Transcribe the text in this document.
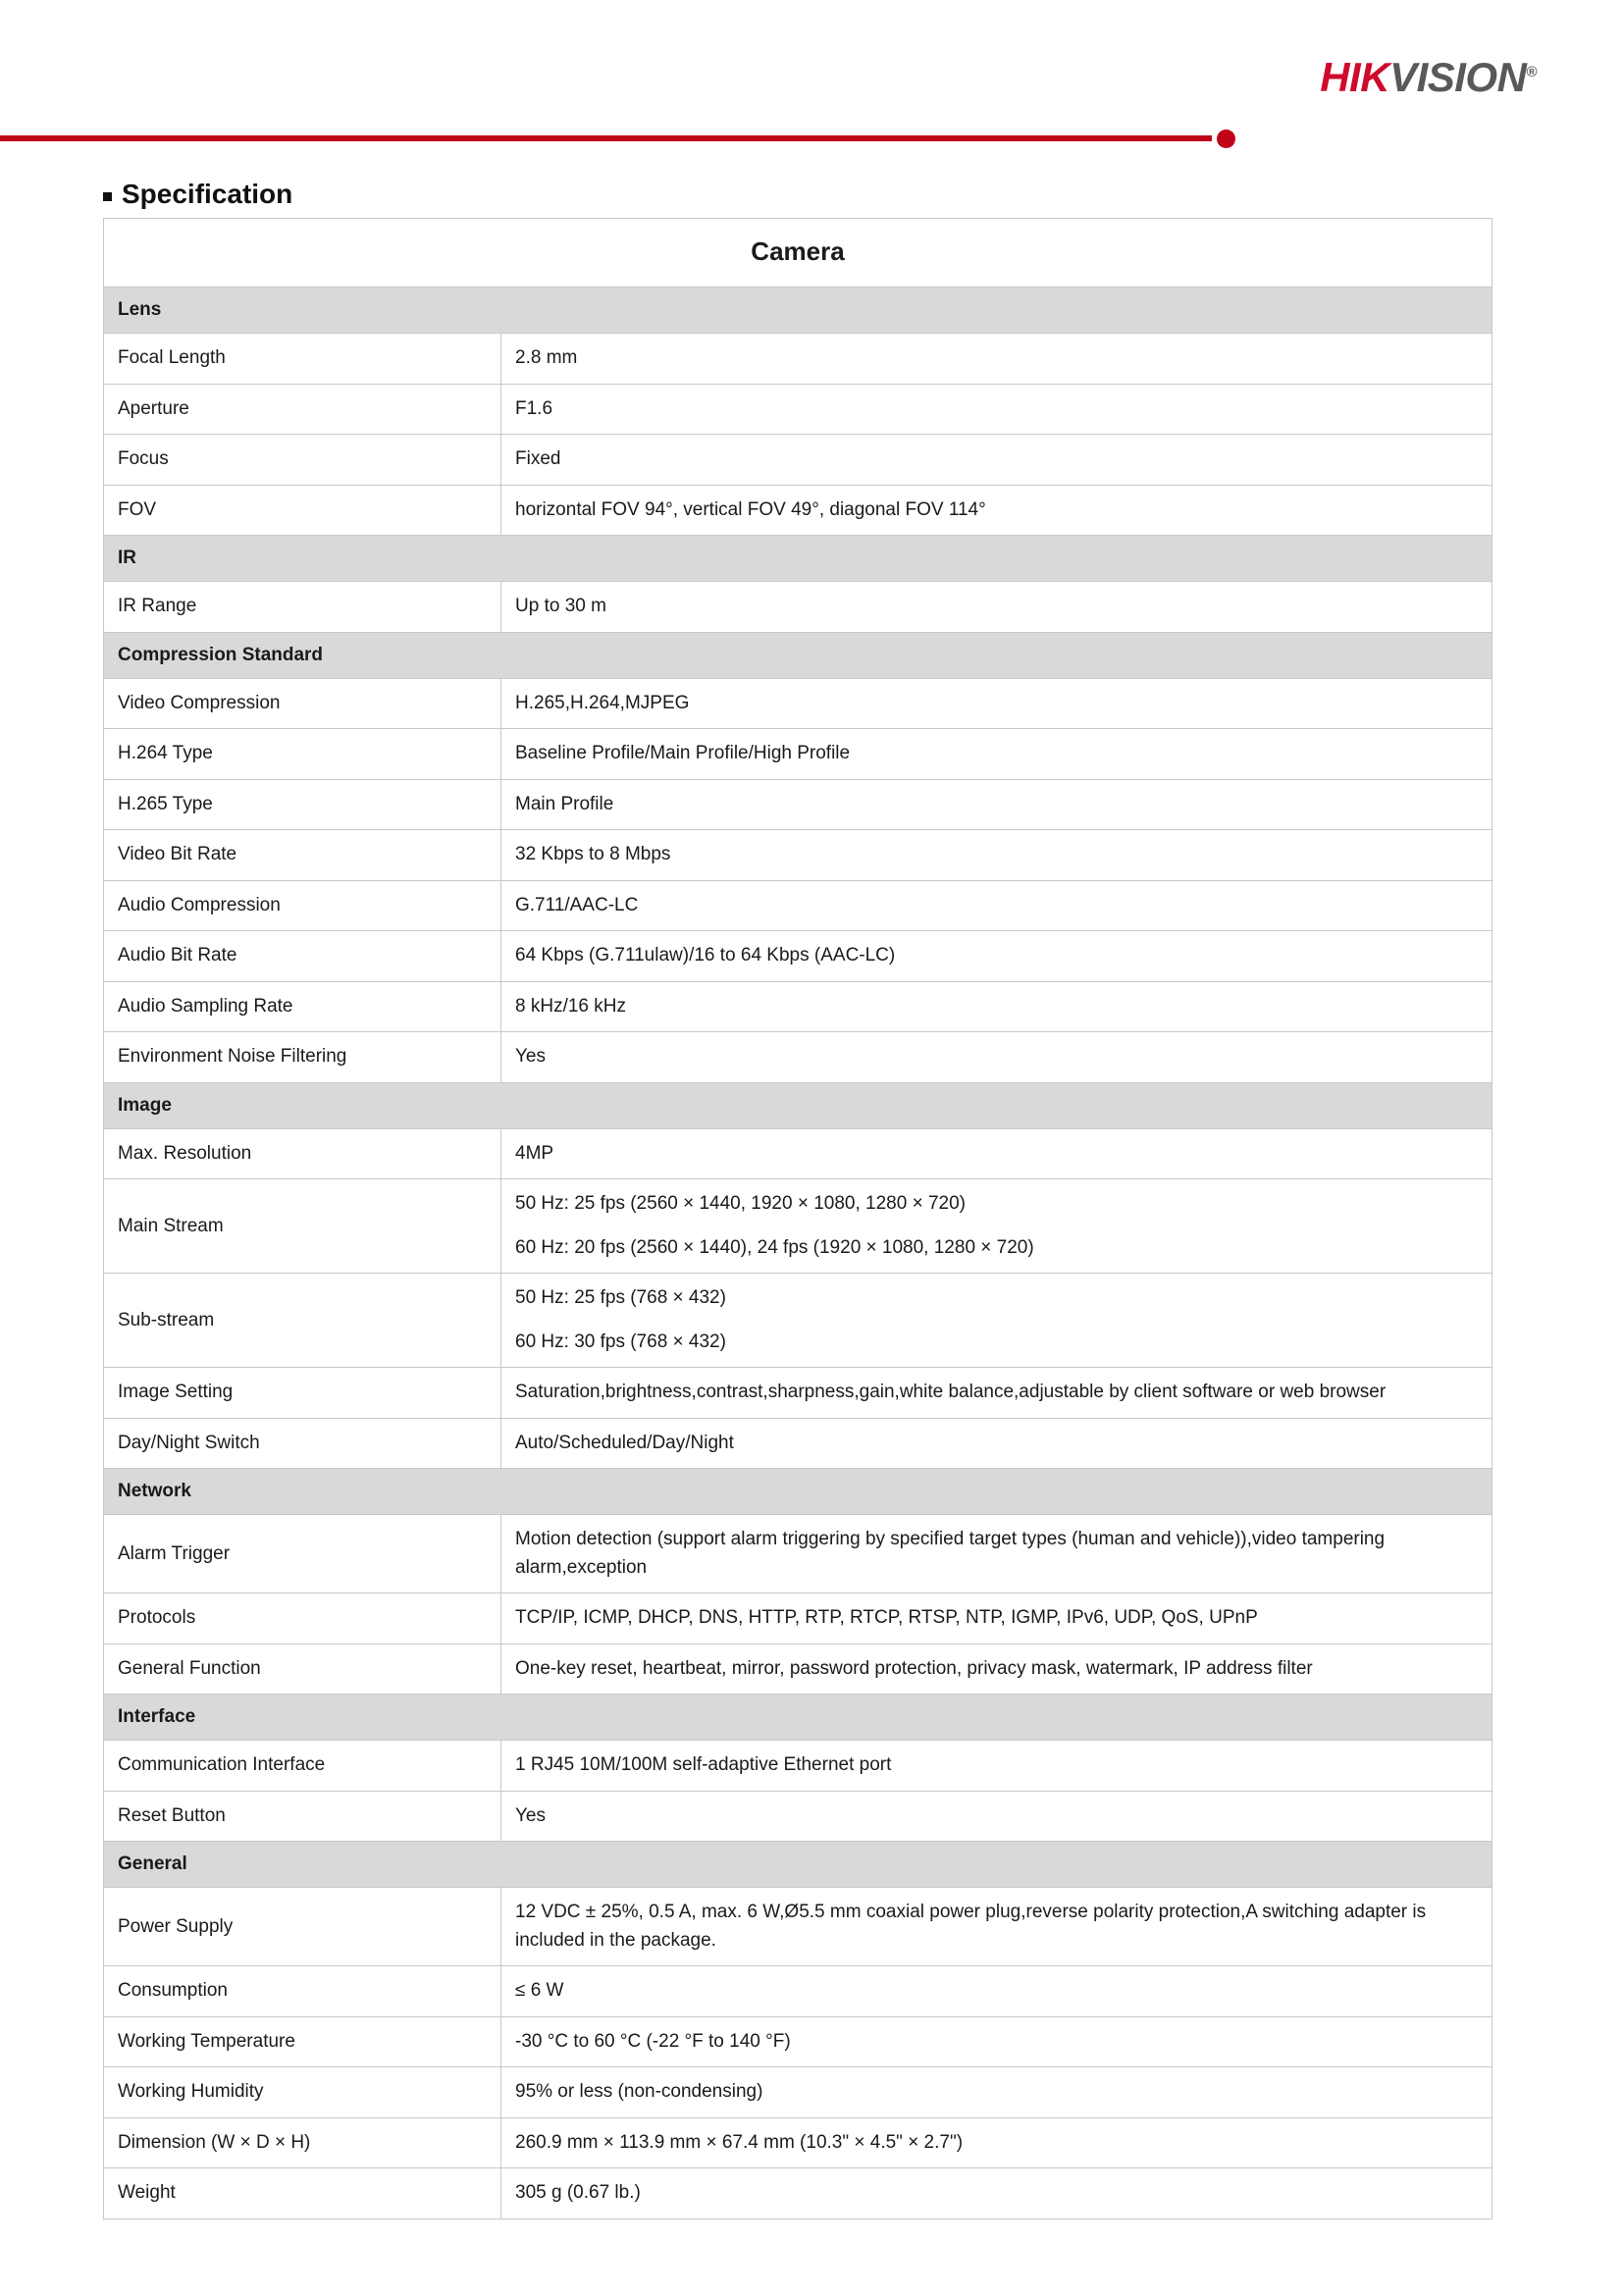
HIKVISION®
Specification
Camera	
Lens	
Focal Length	2.8 mm

Aperture	F1.6

Focus	Fixed

FOV	horizontal FOV 94°, vertical FOV 49°, diagonal FOV 114°

IR	
IR Range	Up to 30 m

Compression Standard	
Video Compression	H.265,H.264,MJPEG

H.264 Type	Baseline Profile/Main Profile/High Profile

H.265 Type	Main Profile

Video Bit Rate	32 Kbps to 8 Mbps

Audio Compression	G.711/AAC-LC

Audio Bit Rate	64 Kbps (G.711ulaw)/16 to 64 Kbps (AAC-LC)

Audio Sampling Rate	8 kHz/16 kHz

Environment Noise Filtering	Yes

Image	
Max. Resolution	4MP

Main Stream	50 Hz: 25 fps (2560 × 1440, 1920 × 1080, 1280 × 720)

60 Hz: 20 fps (2560 × 1440), 24 fps (1920 × 1080, 1280 × 720)

Sub-stream	50 Hz: 25 fps (768 × 432)

60 Hz: 30 fps (768 × 432)

Image Setting	Saturation,brightness,contrast,sharpness,gain,white balance,adjustable by client software or web browser

Day/Night Switch	Auto/Scheduled/Day/Night

Network	
Alarm Trigger	Motion detection (support alarm triggering by specified target types (human and vehicle)),video tampering alarm,exception

Protocols	TCP/IP, ICMP, DHCP, DNS, HTTP, RTP, RTCP, RTSP, NTP, IGMP, IPv6, UDP, QoS, UPnP

General Function	One-key reset, heartbeat, mirror, password protection, privacy mask, watermark, IP address filter

Interface	
Communication Interface	1 RJ45 10M/100M self-adaptive Ethernet port

Reset Button	Yes

General	
Power Supply	12 VDC ± 25%, 0.5 A, max. 6 W,Ø5.5 mm coaxial power plug,reverse polarity protection,A switching adapter is included in the package.

Consumption	≤ 6 W

Working Temperature	-30 °C to 60 °C (-22 °F to 140 °F)

Working Humidity	95% or less (non-condensing)

Dimension (W × D × H)	260.9 mm × 113.9 mm × 67.4 mm (10.3" × 4.5" × 2.7")

Weight	305 g (0.67 lb.)
